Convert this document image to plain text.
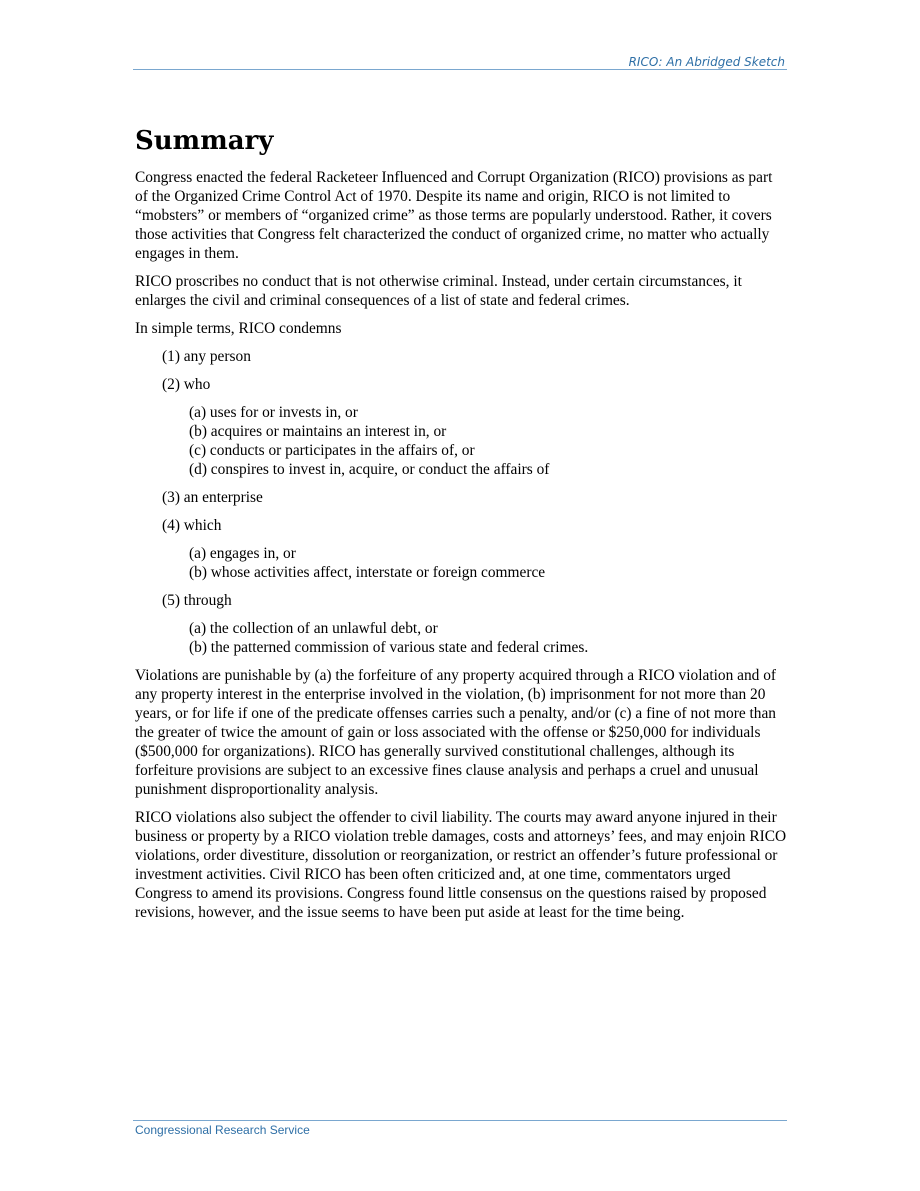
RICO: An Abridged Sketch

Summary

Congress enacted the federal Racketeer Influenced and Corrupt Organization (RICO) provisions as part of the Organized Crime Control Act of 1970. Despite its name and origin, RICO is not limited to “mobsters” or members of “organized crime” as those terms are popularly understood. Rather, it covers those activities that Congress felt characterized the conduct of organized crime, no matter who actually engages in them.

RICO proscribes no conduct that is not otherwise criminal. Instead, under certain circumstances, it enlarges the civil and criminal consequences of a list of state and federal crimes.

In simple terms, RICO condemns

(1) any person

(2) who

(a) uses for or invests in, or

(b) acquires or maintains an interest in, or

(c) conducts or participates in the affairs of, or

(d) conspires to invest in, acquire, or conduct the affairs of

(3) an enterprise

(4) which

(a) engages in, or

(b) whose activities affect, interstate or foreign commerce

(5) through

(a) the collection of an unlawful debt, or

(b) the patterned commission of various state and federal crimes.

Violations are punishable by (a) the forfeiture of any property acquired through a RICO violation and of any property interest in the enterprise involved in the violation, (b) imprisonment for not more than 20 years, or for life if one of the predicate offenses carries such a penalty, and/or (c) a fine of not more than the greater of twice the amount of gain or loss associated with the offense or $250,000 for individuals ($500,000 for organizations). RICO has generally survived constitutional challenges, although its forfeiture provisions are subject to an excessive fines clause analysis and perhaps a cruel and unusual punishment disproportionality analysis.

RICO violations also subject the offender to civil liability. The courts may award anyone injured in their business or property by a RICO violation treble damages, costs and attorneys’ fees, and may enjoin RICO violations, order divestiture, dissolution or reorganization, or restrict an offender’s future professional or investment activities. Civil RICO has been often criticized and, at one time, commentators urged Congress to amend its provisions. Congress found little consensus on the questions raised by proposed revisions, however, and the issue seems to have been put aside at least for the time being.

Congressional Research Service
